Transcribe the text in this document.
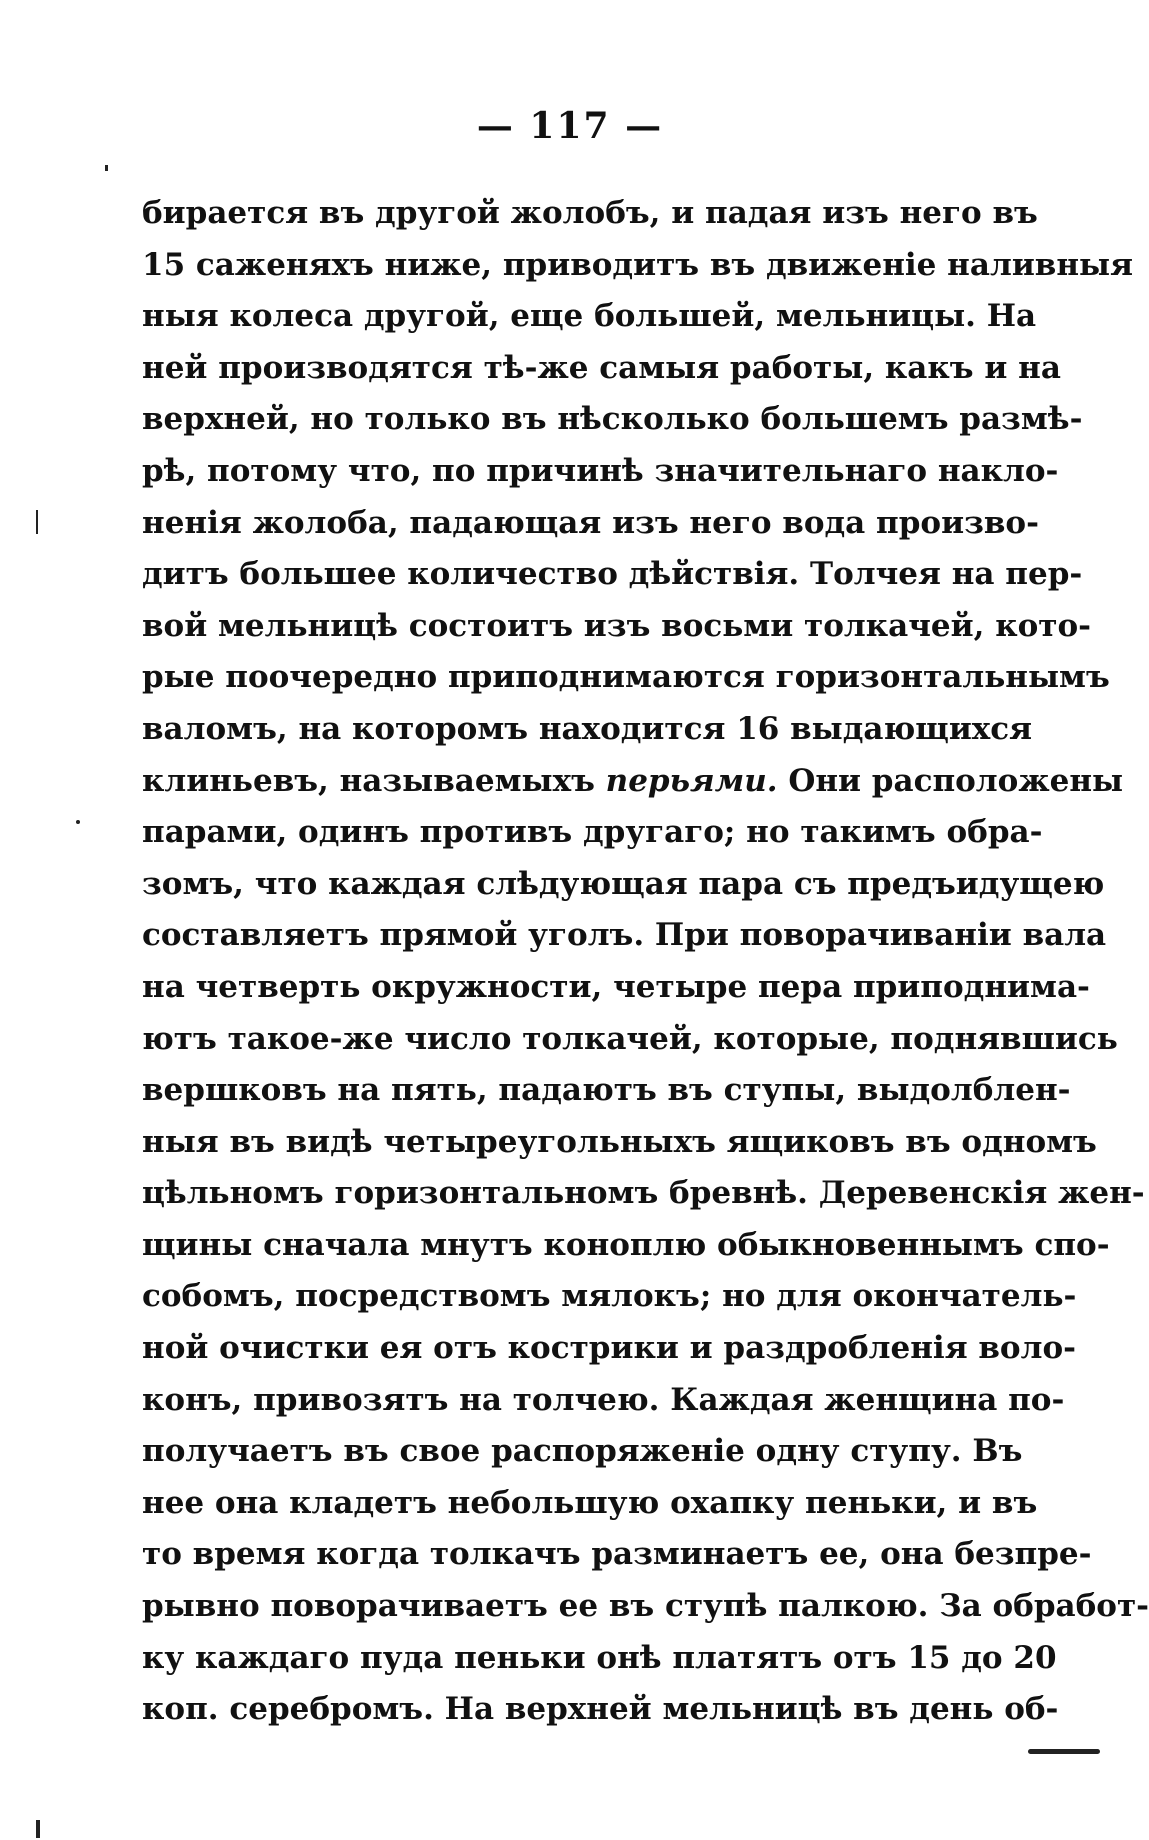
— 117 —
бирается въ другой жолобъ, и падая изъ него въ
15 саженяхъ ниже, приводитъ въ движеніе наливныя
ныя колеса другой, еще большей, мельницы. На
ней производятся тѣ-же самыя работы, какъ и на
верхней, но только въ нѣсколько большемъ размѣ-
рѣ, потому что, по причинѣ значительнаго накло-
ненія жолоба, падающая изъ него вода произво-
дитъ большее количество дѣйствія. Толчея на пер-
вой мельницѣ состоитъ изъ восьми толкачей, кото-
рые поочередно приподнимаются горизонтальнымъ
валомъ, на которомъ находится 16 выдающихся
клиньевъ, называемыхъ перьями. Они расположены
парами, одинъ противъ другаго; но такимъ обра-
зомъ, что каждая слѣдующая пара съ предъидущею
составляетъ прямой уголъ. При поворачиваніи вала
на четверть окружности, четыре пера приподнима-
ютъ такое-же число толкачей, которые, поднявшись
вершковъ на пять, падаютъ въ ступы, выдолблен-
ныя въ видѣ четыреугольныхъ ящиковъ въ одномъ
цѣльномъ горизонтальномъ бревнѣ. Деревенскія жен-
щины сначала мнутъ коноплю обыкновеннымъ спо-
собомъ, посредствомъ мялокъ; но для окончатель-
ной очистки ея отъ кострики и раздробленія воло-
конъ, привозятъ на толчею. Каждая женщина по-
получаетъ въ свое распоряженіе одну ступу. Въ
нее она кладетъ небольшую охапку пеньки, и въ
то время когда толкачъ разминаетъ ее, она безпре-
рывно поворачиваетъ ее въ ступѣ палкою. За обработ-
ку каждаго пуда пеньки онѣ платятъ отъ 15 до 20
коп. серебромъ. На верхней мельницѣ въ день об-
